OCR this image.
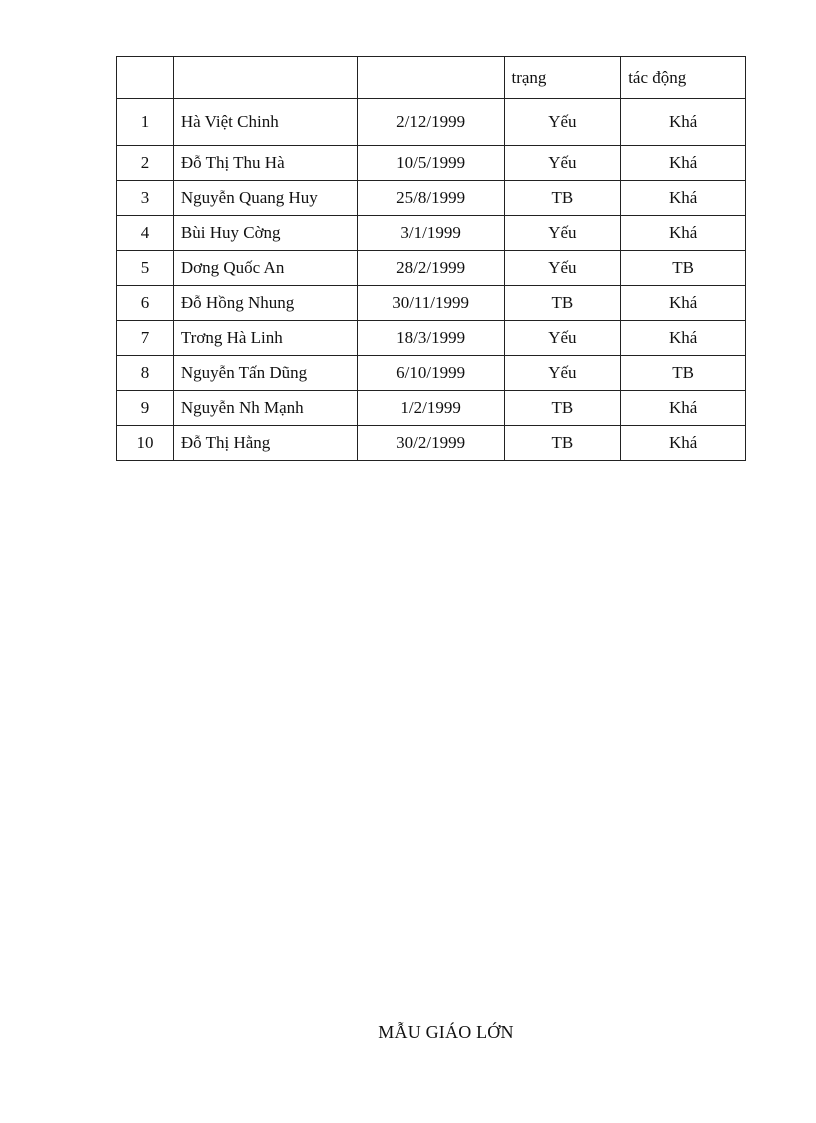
			trạng	tác động
1	Hà Việt Chinh	2/12/1999	Yếu	Khá
2	Đỗ Thị Thu Hà	10/5/1999	Yếu	Khá
3	Nguyễn Quang Huy	25/8/1999	TB	Khá
4	Bùi Huy Cờng	3/1/1999	Yếu	Khá
5	Dơng Quốc An	28/2/1999	Yếu	TB
6	Đỗ Hồng Nhung	30/11/1999	TB	Khá
7	Trơng Hà Linh	18/3/1999	Yếu	Khá
8	Nguyễn Tấn Dũng	6/10/1999	Yếu	TB
9	Nguyễn Nh Mạnh	1/2/1999	TB	Khá
10	Đỗ Thị Hằng	30/2/1999	TB	Khá
MẪU GIÁO LỚN
